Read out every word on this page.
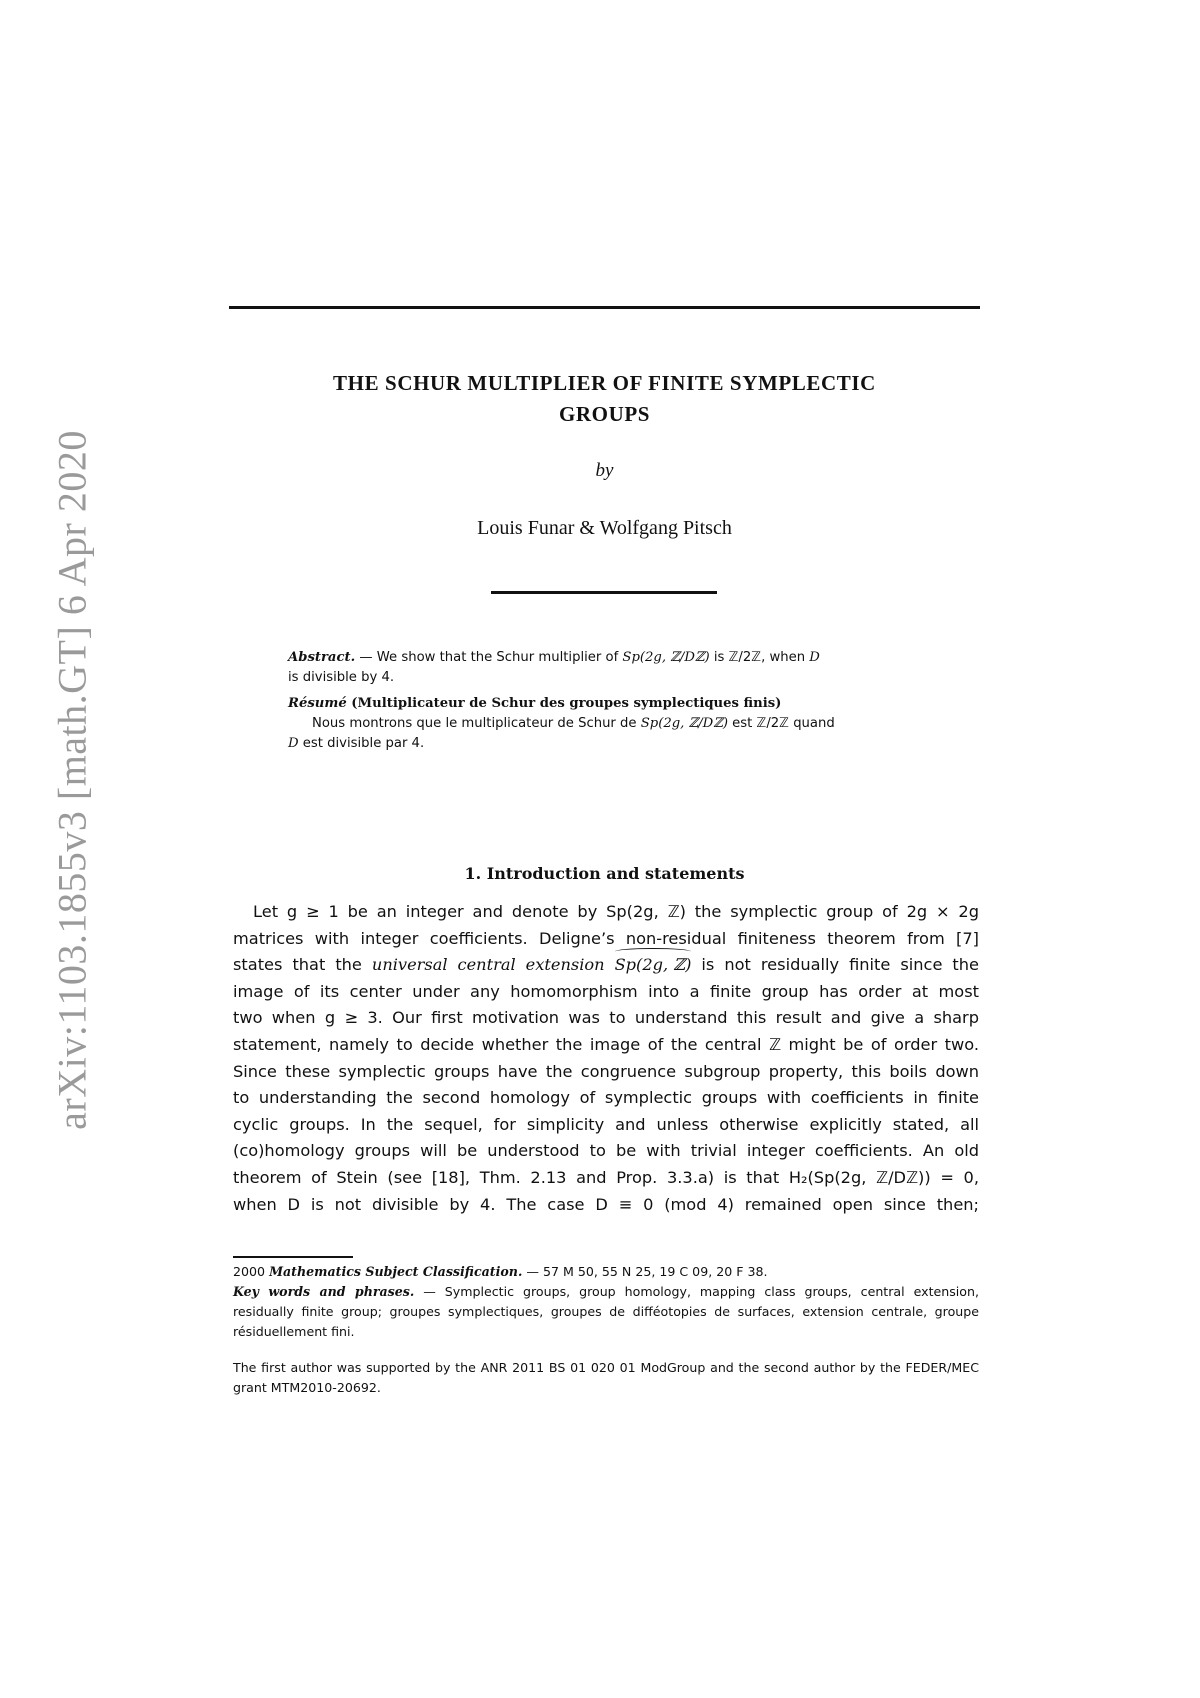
arXiv:1103.1855v3 [math.GT] 6 Apr 2020
THE SCHUR MULTIPLIER OF FINITE SYMPLECTIC
GROUPS
by
Louis Funar & Wolfgang Pitsch

Abstract. — We show that the Schur multiplier of Sp(2g, ℤ/Dℤ) is ℤ/2ℤ, when D
is divisible by 4.

Résumé (Multiplicateur de Schur des groupes symplectiques finis)
Nous montrons que le multiplicateur de Schur de Sp(2g, ℤ/Dℤ) est ℤ/2ℤ quand
D est divisible par 4.

1. Introduction and statements
Let g ≥ 1 be an integer and denote by Sp(2g, ℤ) the symplectic group of 2g × 2g
matrices with integer coefficients. Deligne’s non-residual finiteness theorem from [7]
states that the universal central extension Sp(2g, ℤ) is not residually finite since the
image of its center under any homomorphism into a finite group has order at most
two when g ≥ 3. Our first motivation was to understand this result and give a sharp
statement, namely to decide whether the image of the central ℤ might be of order two.
Since these symplectic groups have the congruence subgroup property, this boils down
to understanding the second homology of symplectic groups with coefficients in finite
cyclic groups. In the sequel, for simplicity and unless otherwise explicitly stated, all
(co)homology groups will be understood to be with trivial integer coefficients. An old
theorem of Stein (see [18], Thm. 2.13 and Prop. 3.3.a) is that H₂(Sp(2g, ℤ/Dℤ)) = 0,
when D is not divisible by 4. The case D ≡ 0 (mod 4) remained open since then;

2000 Mathematics Subject Classification. — 57 M 50, 55 N 25, 19 C 09, 20 F 38.

Key words and phrases. — Symplectic groups, group homology, mapping class groups, central extension, residually finite group; groupes symplectiques, groupes de difféotopies de surfaces, extension centrale, groupe résiduellement fini.

The first author was supported by the ANR 2011 BS 01 020 01 ModGroup and the second author by the FEDER/MEC grant MTM2010-20692.
